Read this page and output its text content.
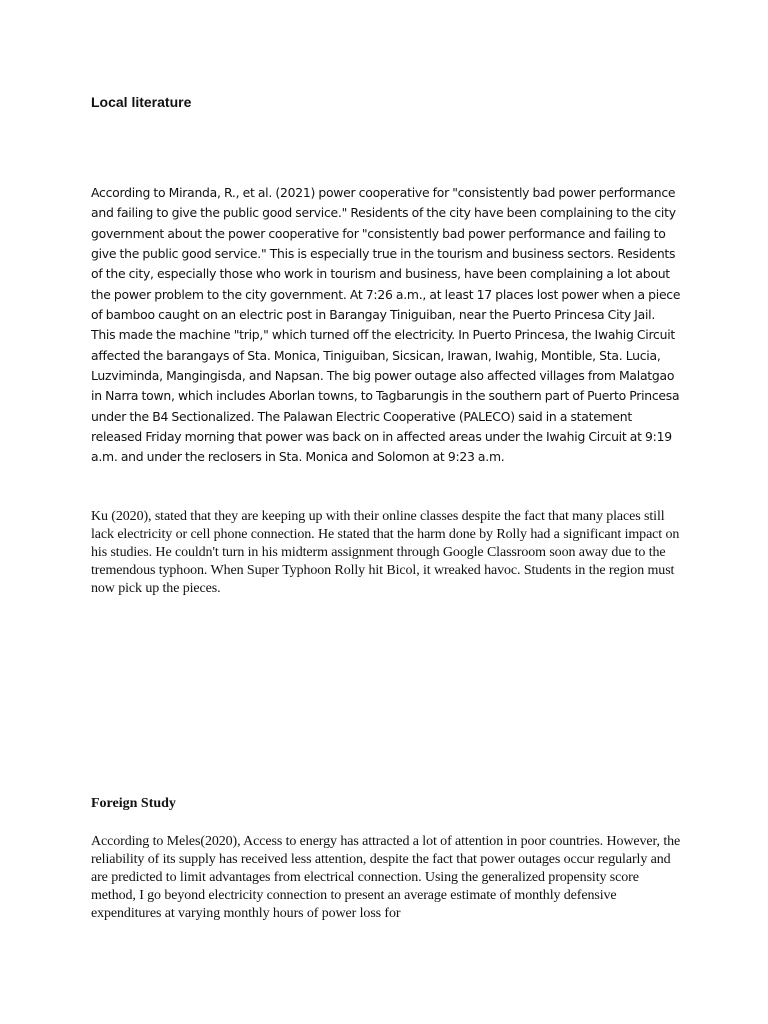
Local literature

According to Miranda, R., et al. (2021) power cooperative for "consistently bad power performance and failing to give the public good service." Residents of the city have been complaining to the city government about the power cooperative for "consistently bad power performance and failing to give the public good service." This is especially true in the tourism and business sectors. Residents of the city, especially those who work in tourism and business, have been complaining a lot about the power problem to the city government. At 7:26 a.m., at least 17 places lost power when a piece of bamboo caught on an electric post in Barangay Tiniguiban, near the Puerto Princesa City Jail. This made the machine "trip," which turned off the electricity. In Puerto Princesa, the Iwahig Circuit affected the barangays of Sta. Monica, Tiniguiban, Sicsican, Irawan, Iwahig, Montible, Sta. Lucia, Luzviminda, Mangingisda, and Napsan. The big power outage also affected villages from Malatgao in Narra town, which includes Aborlan towns, to Tagbarungis in the southern part of Puerto Princesa under the B4 Sectionalized. The Palawan Electric Cooperative (PALECO) said in a statement released Friday morning that power was back on in affected areas under the Iwahig Circuit at 9:19 a.m. and under the reclosers in Sta. Monica and Solomon at 9:23 a.m.

Ku (2020), stated that they are keeping up with their online classes despite the fact that many places still lack electricity or cell phone connection. He stated that the harm done by Rolly had a significant impact on his studies. He couldn't turn in his midterm assignment through Google Classroom soon away due to the tremendous typhoon. When Super Typhoon Rolly hit Bicol, it wreaked havoc. Students in the region must now pick up the pieces.

Foreign Study

According to Meles(2020), Access to energy has attracted a lot of attention in poor countries. However, the reliability of its supply has received less attention, despite the fact that power outages occur regularly and are predicted to limit advantages from electrical connection. Using the generalized propensity score method, I go beyond electricity connection to present an average estimate of monthly defensive expenditures at varying monthly hours of power loss for
